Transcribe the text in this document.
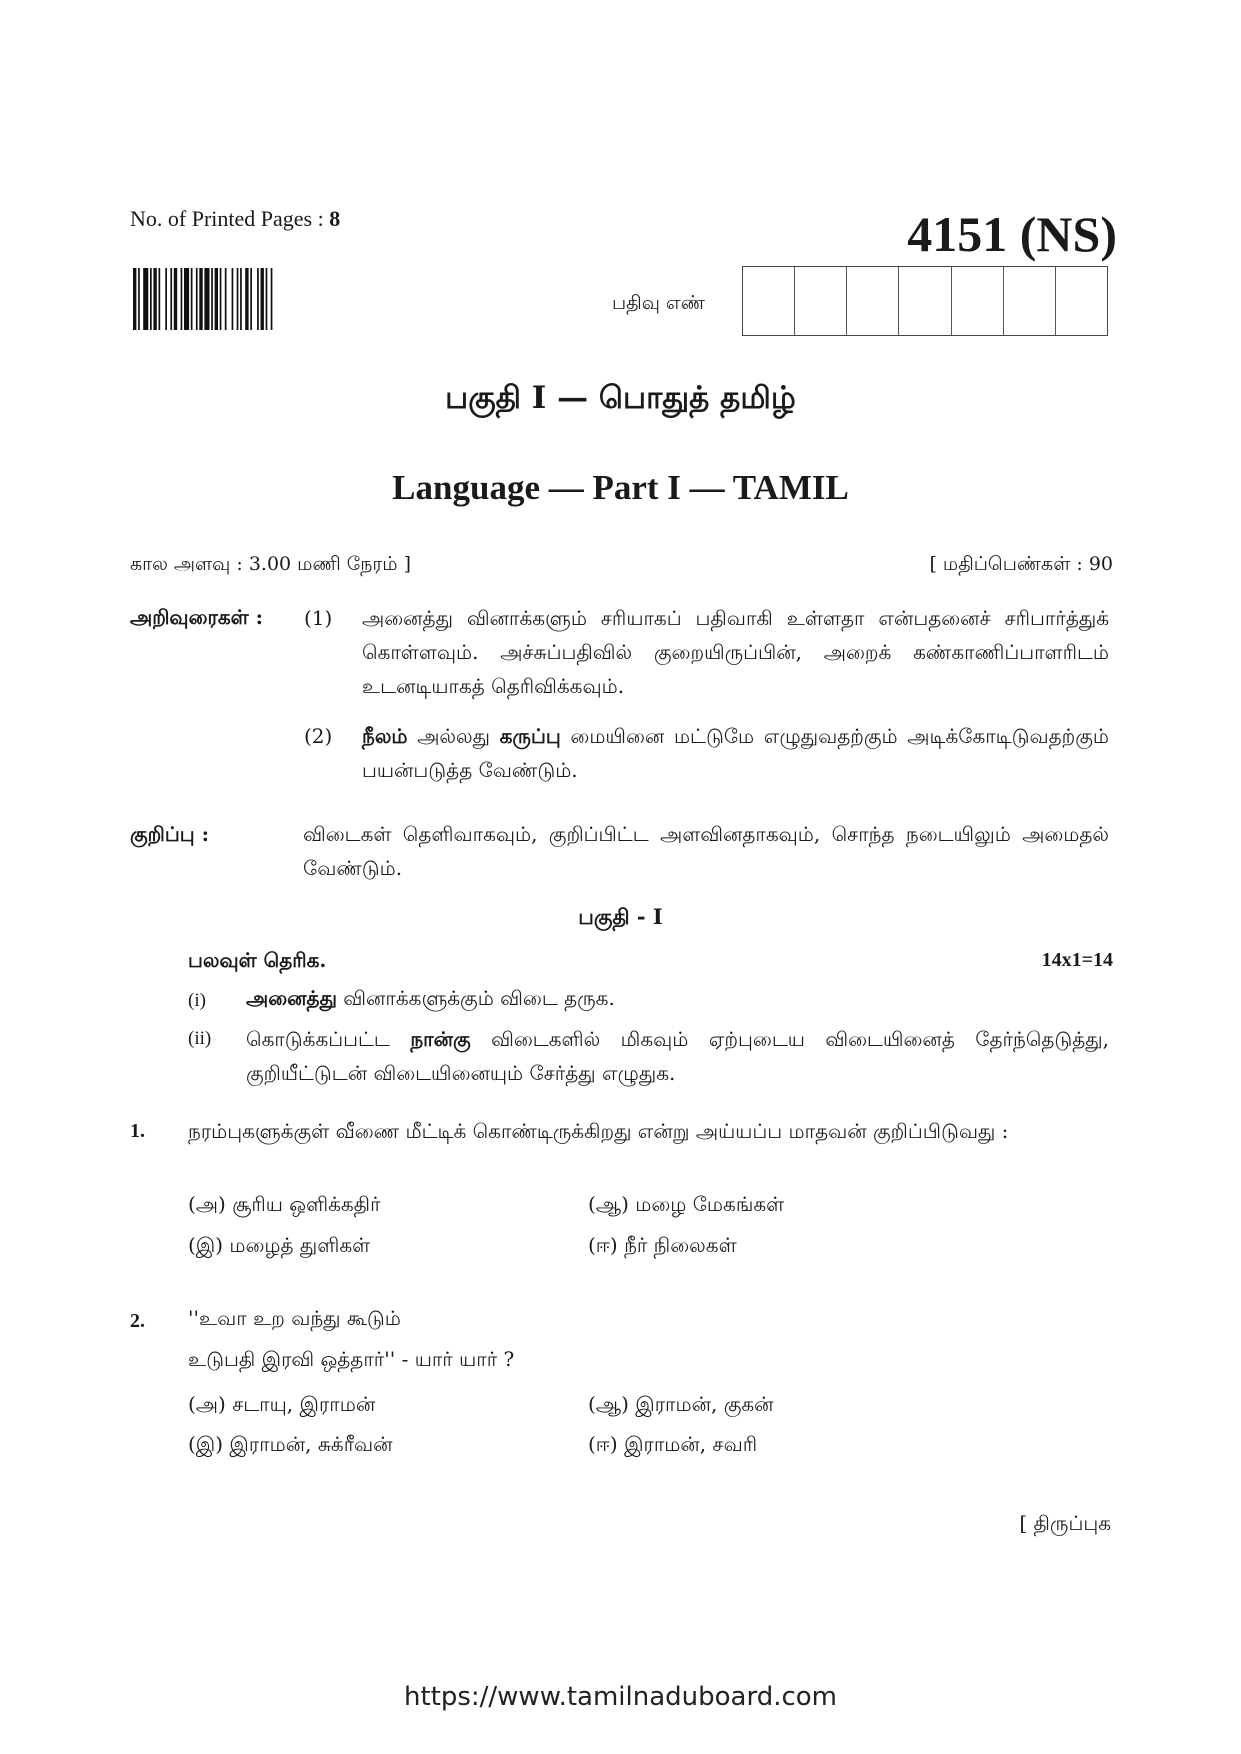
No. of Printed Pages : 8	4151 (NS)
பதிவு எண்
பகுதி I — பொதுத் தமிழ்
Language — Part I — TAMIL
கால அளவு : 3.00 மணி நேரம் ]	[ மதிப்பெண்கள் : 90
அறிவுரைகள் : (1) அனைத்து வினாக்களும் சரியாகப் பதிவாகி உள்ளதா என்பதனைச் சரிபார்த்துக் கொள்ளவும். அச்சுப்பதிவில் குறையிருப்பின், அறைக் கண்காணிப்பாளரிடம் உடனடியாகத் தெரிவிக்கவும்.
(2) நீலம் அல்லது கருப்பு மையினை மட்டுமே எழுதுவதற்கும் அடிக்கோடிடுவதற்கும் பயன்படுத்த வேண்டும்.
குறிப்பு :	விடைகள் தெளிவாகவும், குறிப்பிட்ட அளவினதாகவும், சொந்த நடையிலும் அமைதல் வேண்டும்.
பகுதி - I
பலவுள் தெரிக.	14x1=14
(i) அனைத்து வினாக்களுக்கும் விடை தருக.
(ii) கொடுக்கப்பட்ட நான்கு விடைகளில் மிகவும் ஏற்புடைய விடையினைத் தேர்ந்தெடுத்து, குறியீட்டுடன் விடையினையும் சேர்த்து எழுதுக.
1. நரம்புகளுக்குள் வீணை மீட்டிக் கொண்டிருக்கிறது என்று அய்யப்ப மாதவன் குறிப்பிடுவது :
(அ) சூரிய ஒளிக்கதிர்	(ஆ) மழை மேகங்கள்
(இ) மழைத் துளிகள்	(ஈ) நீர் நிலைகள்
2. ''உவா உற வந்து கூடும்
உடுபதி இரவி ஒத்தார்'' - யார் யார் ?
(அ) சடாயு, இராமன்	(ஆ) இராமன், குகன்
(இ) இராமன், சுக்ரீவன்	(ஈ) இராமன், சவரி
[ திருப்புக
https://www.tamilnaduboard.com
